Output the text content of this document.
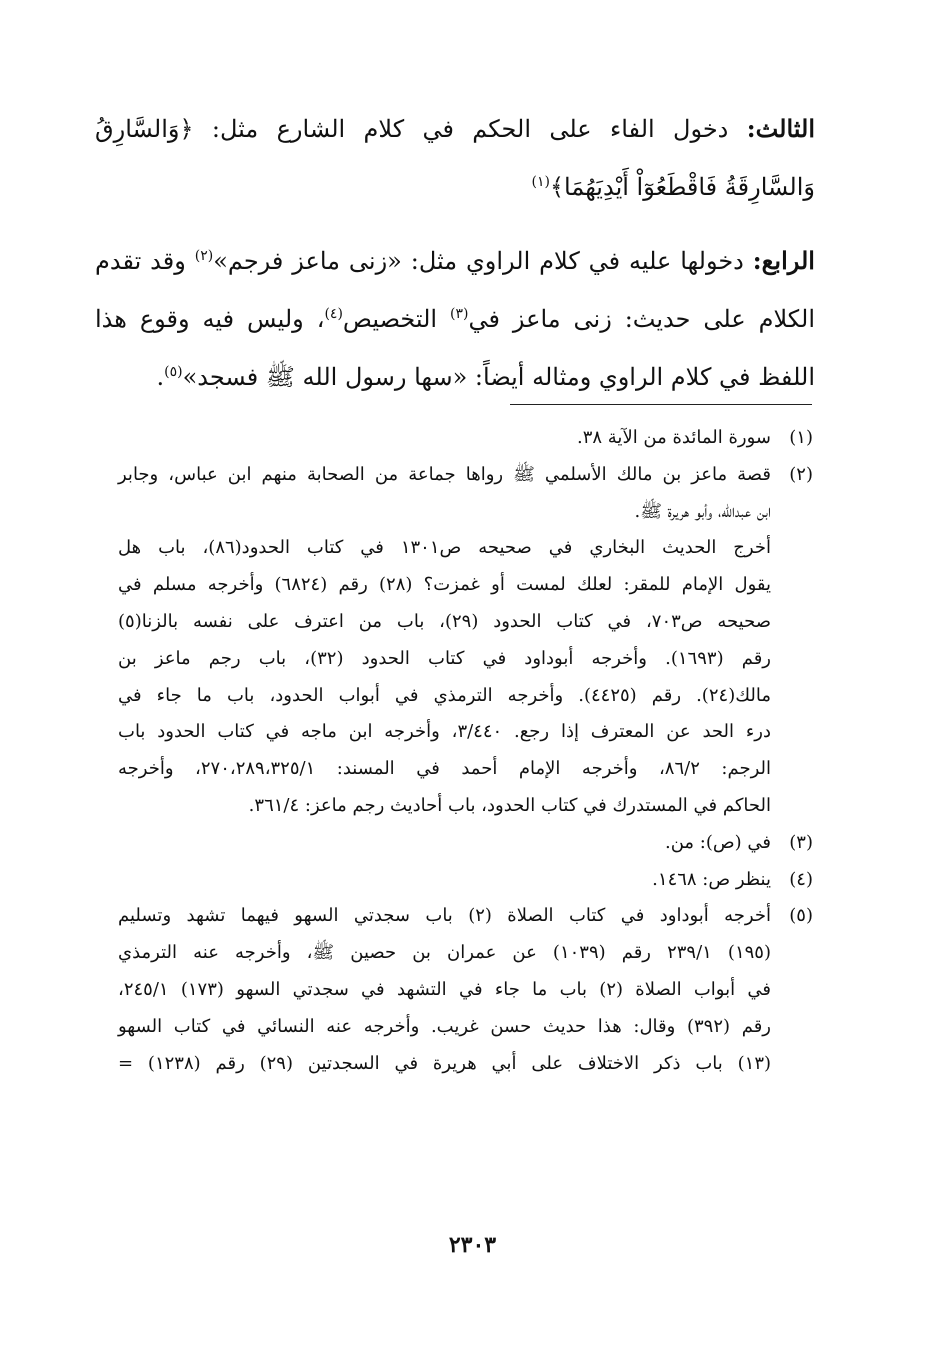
الثالث: دخول الفاء على الحكم في كلام الشارع مثل: ﴿وَالسَّارِقُ وَالسَّارِقَةُ فَاقْطَعُوٓاْ أَيْدِيَهُمَا﴾$^{(١)}$

الرابع: دخولها عليه في كلام الراوي مثل: «زنى ماعز فرجم»$^{(٢)}$ وقد تقدم الكلام على حديث: زنى ماعز في$^{(٣)}$ التخصيص$^{(٤)}$، وليس فيه وقوع هذا اللفظ في كلام الراوي ومثاله أيضاً: «سها رسول الله ﷺ فسجد»$^{(٥)}$.

(١)سورة المائدة من الآية ٣٨.
(٢)قصة ماعز بن مالك الأسلمي ﷺ رواها جماعة من الصحابة منهم ابن عباس، وجابر
ابن عبدالله، وأبو هريرة ﷺ.
أخرج الحديث البخاري في صحيحه ص١٣٠١ في كتاب الحدود(٨٦)، باب هل
يقول الإمام للمقر: لعلك لمست أو غمزت؟ (٢٨) رقم (٦٨٢٤) وأخرجه مسلم في
صحيحه ص٧٠٣، في كتاب الحدود (٢٩)، باب من اعترف على نفسه بالزنا(٥)
رقم (١٦٩٣). وأخرجه أبوداود في كتاب الحدود (٣٢)، باب رجم ماعز بن
مالك(٢٤). رقم (٤٤٢٥). وأخرجه الترمذي في أبواب الحدود، باب ما جاء في
درء الحد عن المعترف إذا رجع. ٣/٤٤٠، وأخرجه ابن ماجه في كتاب الحدود باب
الرجم: ٨٦/٢، وأخرجه الإمام أحمد في المسند: ٢٧٠،٢٨٩،٣٢٥/١، وأخرجه
الحاكم في المستدرك في كتاب الحدود، باب أحاديث رجم ماعز: ٣٦١/٤.
(٣)في (ص): من.
(٤)ينظر ص: ١٤٦٨.
(٥)أخرجه أبوداود في كتاب الصلاة (٢) باب سجدتي السهو فيهما تشهد وتسليم
(١٩٥) ٢٣٩/١ رقم (١٠٣٩) عن عمران بن حصين ﷺ، وأخرجه عنه الترمذي
في أبواب الصلاة (٢) باب ما جاء في التشهد في سجدتي السهو (١٧٣) ٢٤٥/١،
رقم (٣٩٢) وقال: هذا حديث حسن غريب. وأخرجه عنه النسائي في كتاب السهو
(١٣) باب ذكر الاختلاف على أبي هريرة في السجدتين (٢٩) رقم (١٢٣٨) =
٢٣٠٣
